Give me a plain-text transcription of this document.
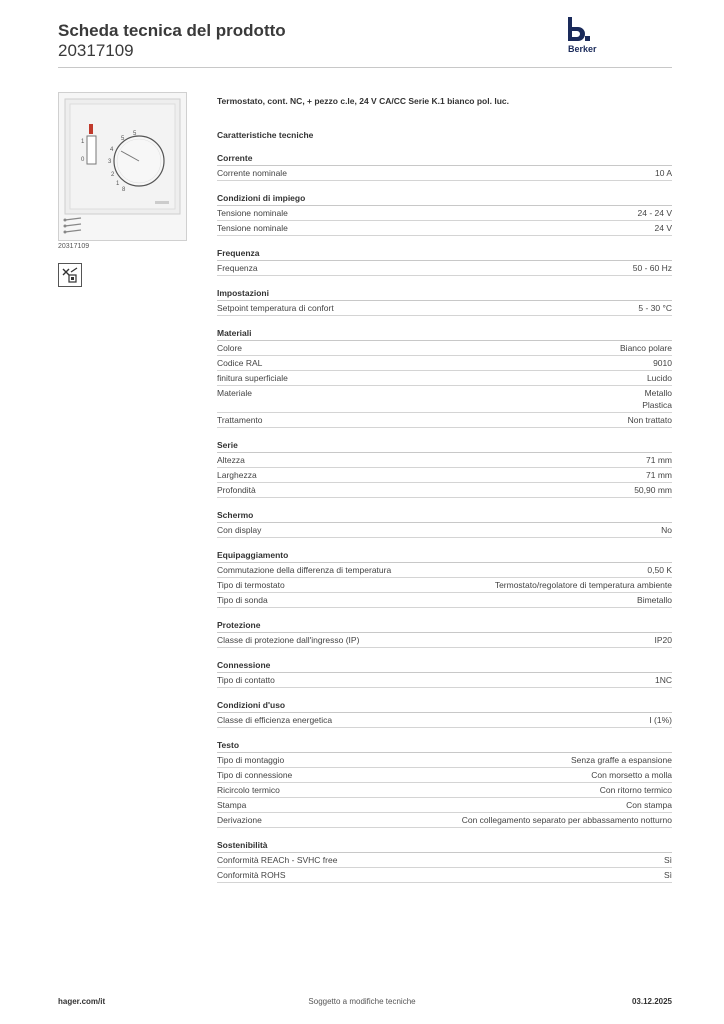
Scheda tecnica del prodotto
20317109	Berker
5
5
4
3
2
1
8
1
0
20317109
Termostato, cont. NC, + pezzo c.le, 24 V CA/CC Serie K.1 bianco pol. luc.
Caratteristiche tecniche
Corrente
Corrente nominale	10 A
Condizioni di impiego
Tensione nominale	24 - 24 V
Tensione nominale	24 V
Frequenza
Frequenza	50 - 60 Hz
Impostazioni
Setpoint temperatura di confort	5 - 30 °C
Materiali
Colore	Bianco polare
Codice RAL	9010
finitura superficiale	Lucido
Materiale	Metallo
Plastica
Trattamento	Non trattato
Serie
Altezza	71 mm
Larghezza	71 mm
Profondità	50,90 mm
Schermo
Con display	No
Equipaggiamento
Commutazione della differenza di temperatura	0,50 K
Tipo di termostato	Termostato/regolatore di temperatura ambiente
Tipo di sonda	Bimetallo
Protezione
Classe di protezione dall'ingresso (IP)	IP20
Connessione
Tipo di contatto	1NC
Condizioni d'uso
Classe di efficienza energetica	I (1%)
Testo
Tipo di montaggio	Senza graffe a espansione
Tipo di connessione	Con morsetto a molla
Ricircolo termico	Con ritorno termico
Stampa	Con stampa
Derivazione	Con collegamento separato per abbassamento notturno
Sostenibilità
Conformità REACh - SVHC free	Sì
Conformità ROHS	Sì
hager.com/it	Soggetto a modifiche tecniche	03.12.2025
